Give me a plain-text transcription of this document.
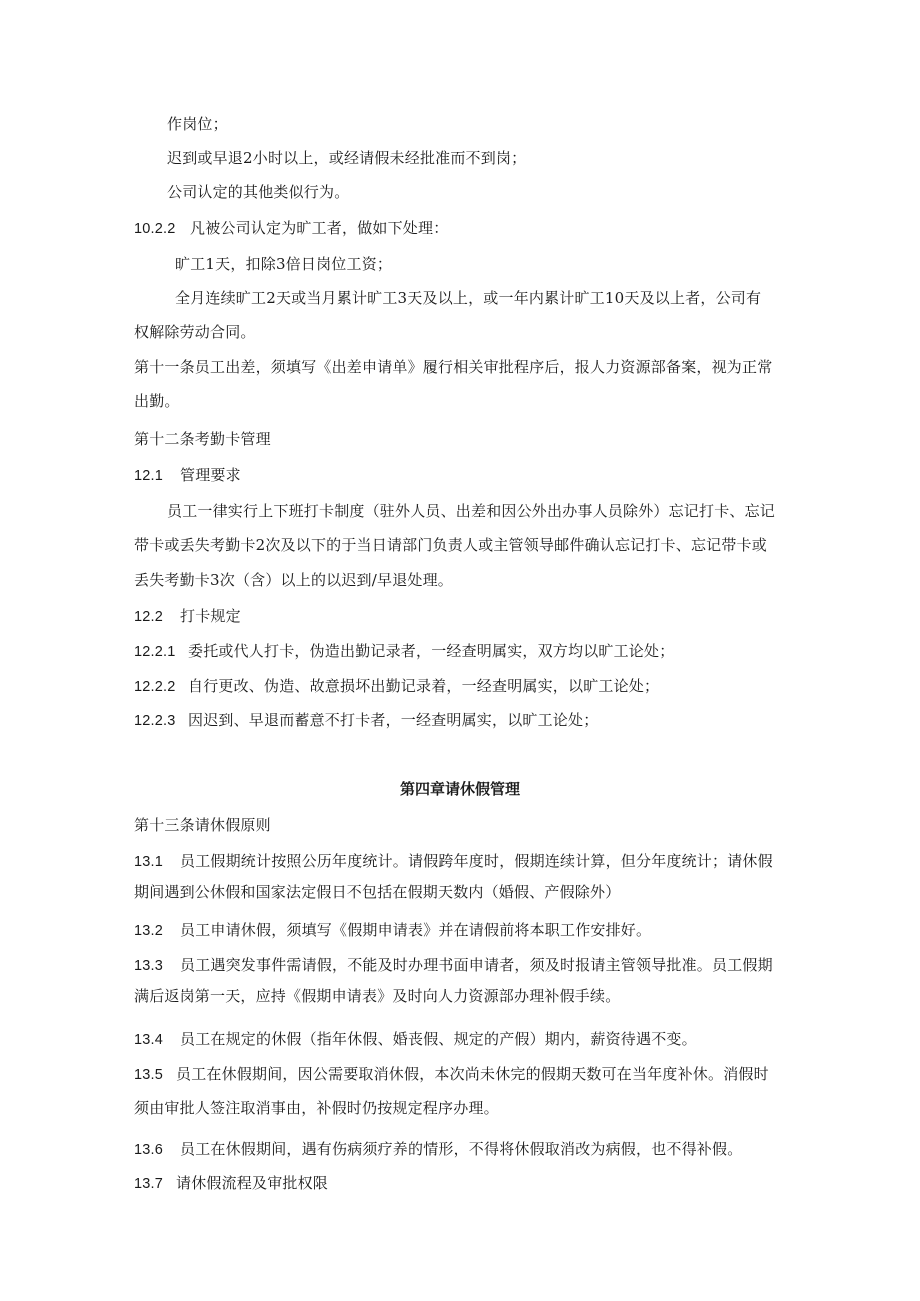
作岗位；
迟到或早退2小时以上，或经请假未经批准而不到岗；
公司认定的其他类似行为。
10.2.2 凡被公司认定为旷工者，做如下处理：
旷工1天，扣除3倍日岗位工资；
全月连续旷工2天或当月累计旷工3天及以上，或一年内累计旷工10天及以上者，公司有
权解除劳动合同。
第十一条员工出差，须填写《出差申请单》履行相关审批程序后，报人力资源部备案，视为正常
出勤。
第十二条考勤卡管理
12.1 管理要求
员工一律实行上下班打卡制度（驻外人员、出差和因公外出办事人员除外）忘记打卡、忘记
带卡或丢失考勤卡2次及以下的于当日请部门负责人或主管领导邮件确认忘记打卡、忘记带卡或
丢失考勤卡3次（含）以上的以迟到/早退处理。
12.2 打卡规定
12.2.1 委托或代人打卡，伪造出勤记录者，一经查明属实，双方均以旷工论处；
12.2.2 自行更改、伪造、故意损坏出勤记录着，一经查明属实，以旷工论处；
12.2.3 因迟到、早退而蓄意不打卡者，一经查明属实，以旷工论处；
第四章请休假管理
第十三条请休假原则
13.1 员工假期统计按照公历年度统计。请假跨年度时，假期连续计算，但分年度统计；请休假
期间遇到公休假和国家法定假日不包括在假期天数内（婚假、产假除外）
13.2 员工申请休假，须填写《假期申请表》并在请假前将本职工作安排好。
13.3 员工遇突发事件需请假，不能及时办理书面申请者，须及时报请主管领导批准。员工假期
满后返岗第一天，应持《假期申请表》及时向人力资源部办理补假手续。
13.4 员工在规定的休假（指年休假、婚丧假、规定的产假）期内，薪资待遇不变。
13.5 员工在休假期间，因公需要取消休假，本次尚未休完的假期天数可在当年度补休。消假时
须由审批人签注取消事由，补假时仍按规定程序办理。
13.6 员工在休假期间，遇有伤病须疗养的情形，不得将休假取消改为病假，也不得补假。
13.7 请休假流程及审批权限
